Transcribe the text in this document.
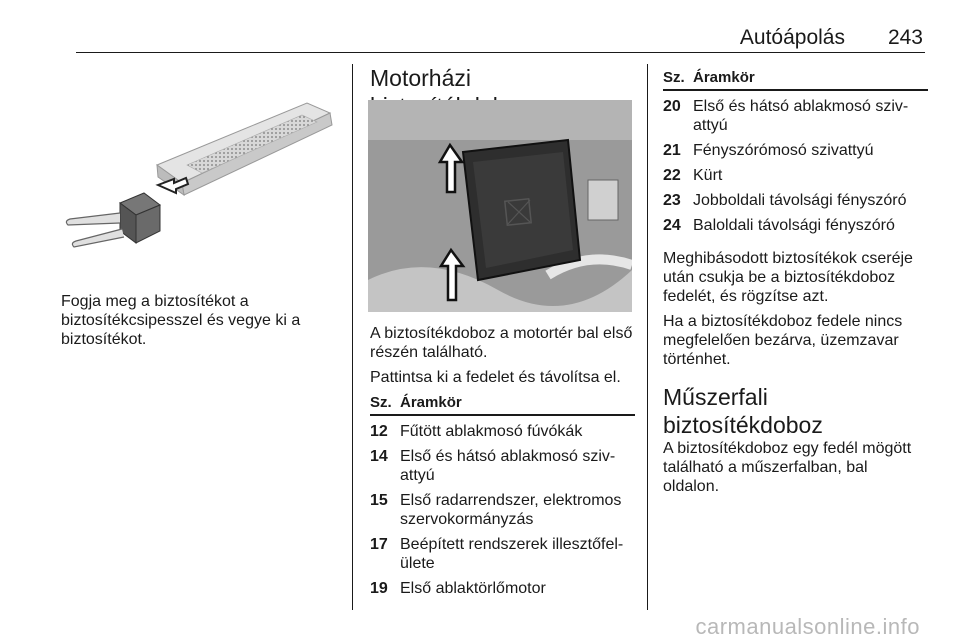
Autóápolás 243

Fogja meg a biztosítékot a biztosítékcsipesszel és vegye ki a biztosítékot.

Motorházi

A biztosítékdoboz a motortér bal első részén található.

Pattintsa ki a fedelet és távolítsa el.

Sz. Áramkör
12 Fűtött ablakmosó fúvókák
14 Első és hátsó ablakmosó szivattyú
15 Első radarrendszer, elektromos szervokormányzás
17 Beépített rendszerek illesztőfelülete
19 Első ablaktörlőmotor
Sz. Áramkör
20 Első és hátsó ablakmosó szivattyú
21 Fényszórómosó szivattyú
22 Kürt
23 Jobboldali távolsági fényszóró
24 Baloldali távolsági fényszóró

Meghibásodott biztosítékok cseréje után csukja be a biztosítékdoboz fedelét, és rögzítse azt.

Ha a biztosítékdoboz fedele nincs megfelelően bezárva, üzemzavar történhet.

Műszerfali biztosítékdoboz

A biztosítékdoboz egy fedél mögött található a műszerfalban, bal oldalon.

carmanualsonline.info
